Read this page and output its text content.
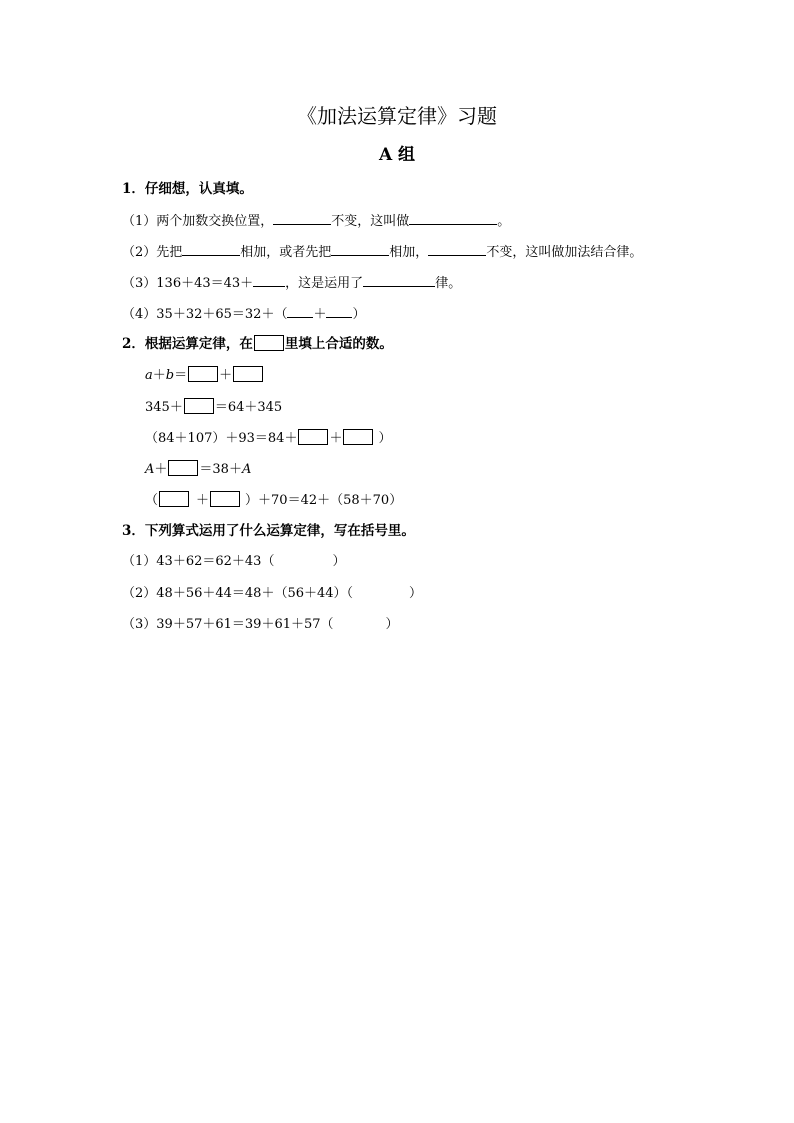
《加法运算定律》习题
A 组
1．仔细想，认真填。
（1）两个加数交换位置，	不变，这叫做	。
（2）先把	相加，或者先把	相加，	不变，这叫做加法结合律。
（3）136＋43＝43＋ ，这是运用了	律。
（4）35＋32＋65＝32＋（ ＋ ）
2．根据运算定律，在 里填上合适的数。
a＋b＝ ＋
345＋ ＝64＋345
（84＋107）＋93＝84＋ ＋	）
A＋ ＝38＋A
（	＋	）＋70＝42＋（58＋70）
3．下列算式运用了什么运算定律，写在括号里。
（1）43＋62＝62＋43（	）
（2）48＋56＋44＝48＋（56＋44）（	）
（3）39＋57＋61＝39＋61＋57（	）
